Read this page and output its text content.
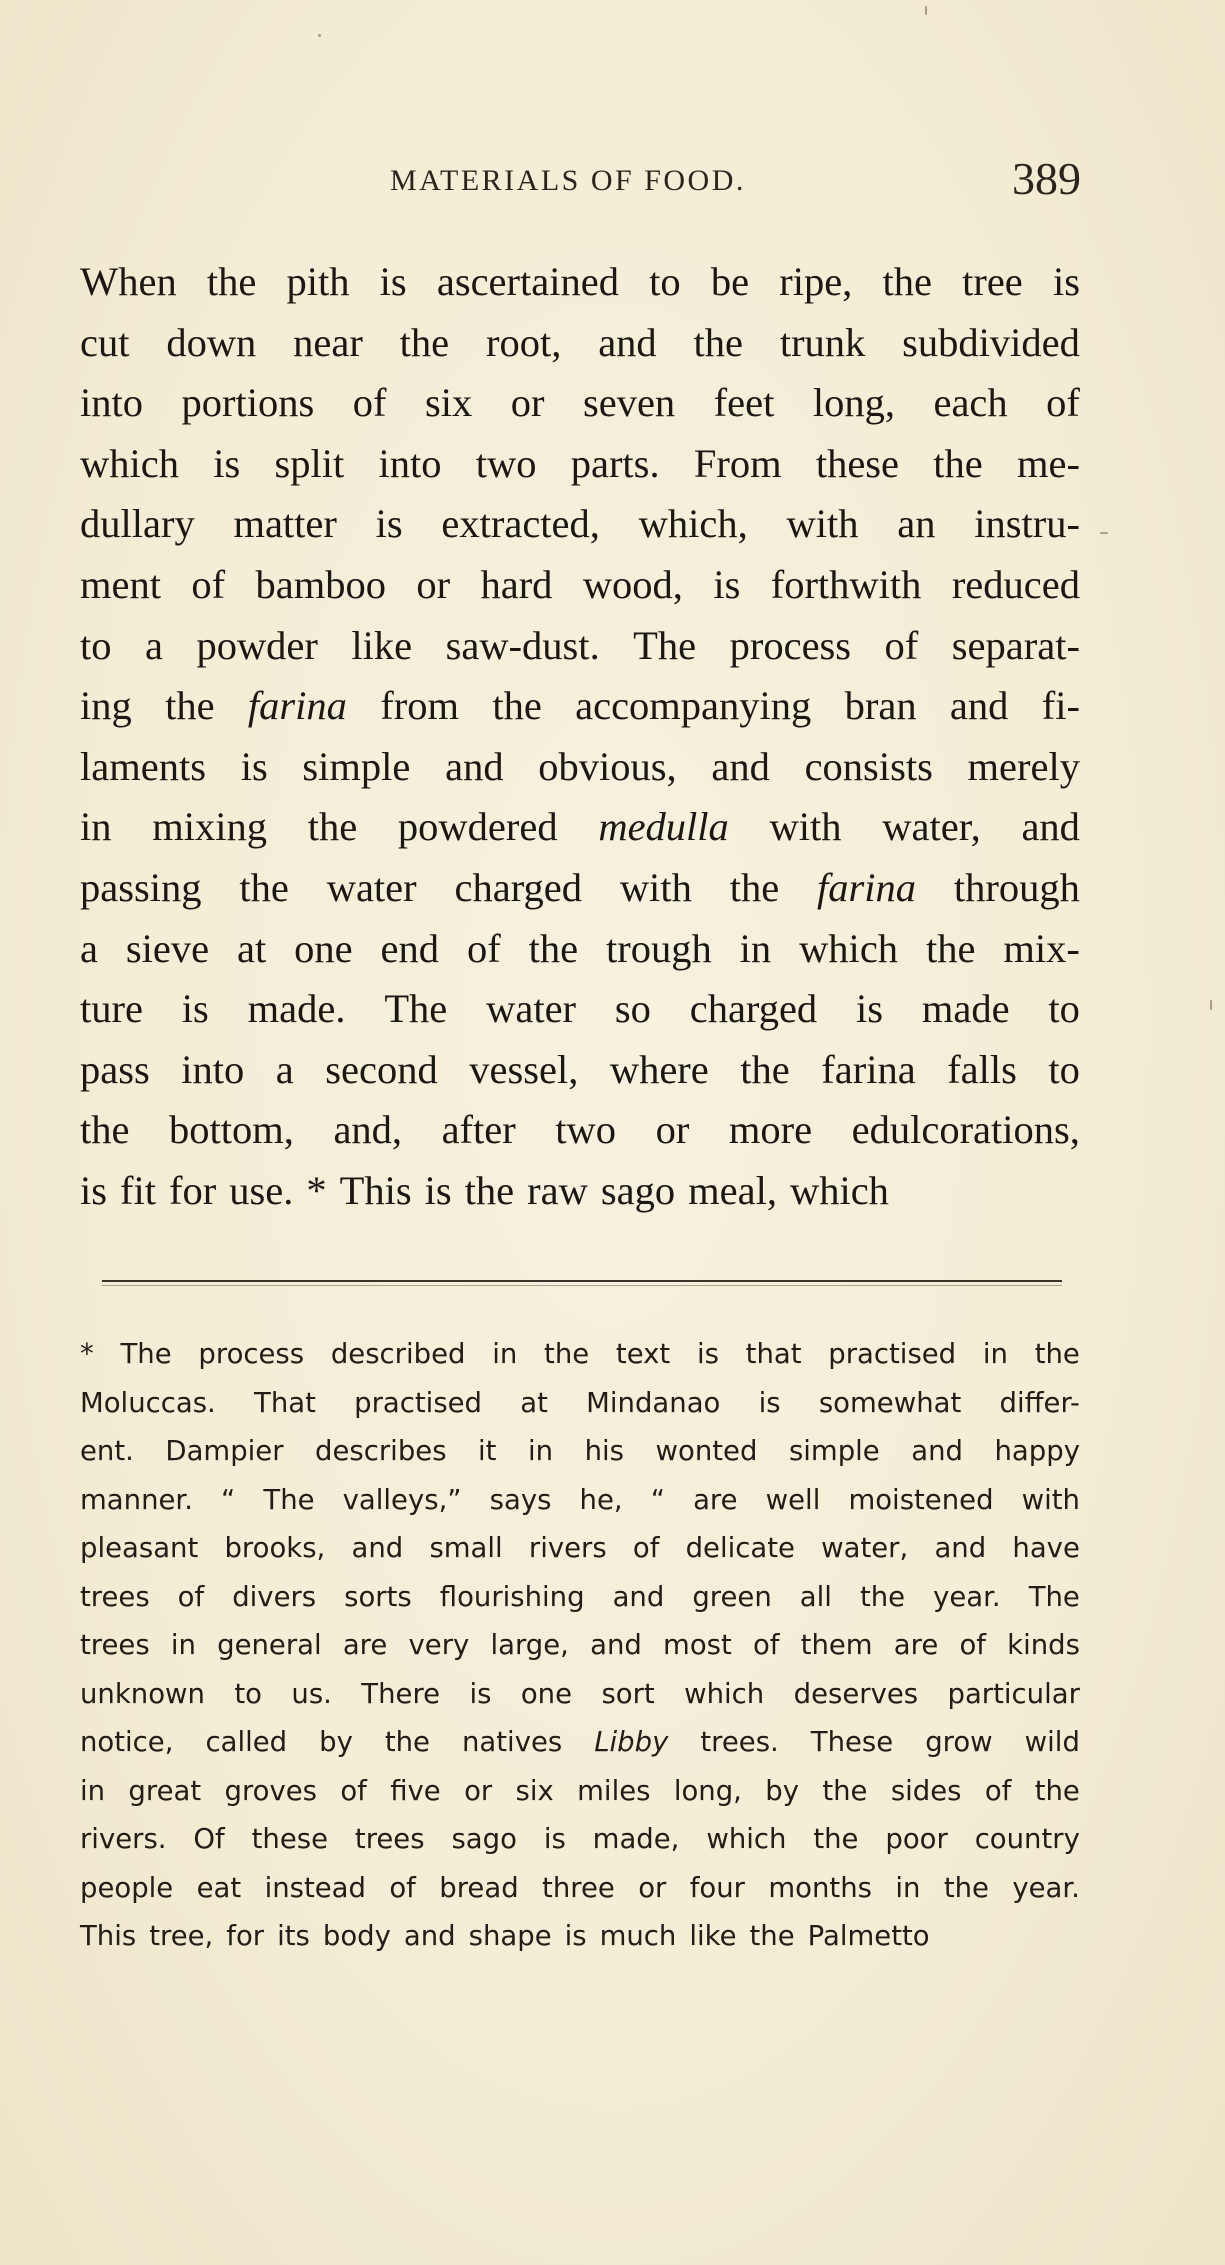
MATERIALS OF FOOD.	389
When the pith is ascertained to be ripe, the tree is
cut down near the root, and the trunk subdivided
into portions of six or seven feet long, each of
which is split into two parts. From these the me-
dullary matter is extracted, which, with an instru-
ment of bamboo or hard wood, is forthwith reduced
to a powder like saw-dust. The process of separat-
ing the farina from the accompanying bran and fi-
laments is simple and obvious, and consists merely
in mixing the powdered medulla with water, and
passing the water charged with the farina through
a sieve at one end of the trough in which the mix-
ture is made. The water so charged is made to
pass into a second vessel, where the farina falls to
the bottom, and, after two or more edulcorations,
is fit for use. * This is the raw sago meal, which
* The process described in the text is that practised in the
Moluccas. That practised at Mindanao is somewhat differ-
ent. Dampier describes it in his wonted simple and happy
manner. “ The valleys,” says he, “ are well moistened with
pleasant brooks, and small rivers of delicate water, and have
trees of divers sorts flourishing and green all the year. The
trees in general are very large, and most of them are of kinds
unknown to us. There is one sort which deserves particular
notice, called by the natives Libby trees. These grow wild
in great groves of five or six miles long, by the sides of the
rivers. Of these trees sago is made, which the poor country
people eat instead of bread three or four months in the year.
This tree, for its body and shape is much like the Palmetto
